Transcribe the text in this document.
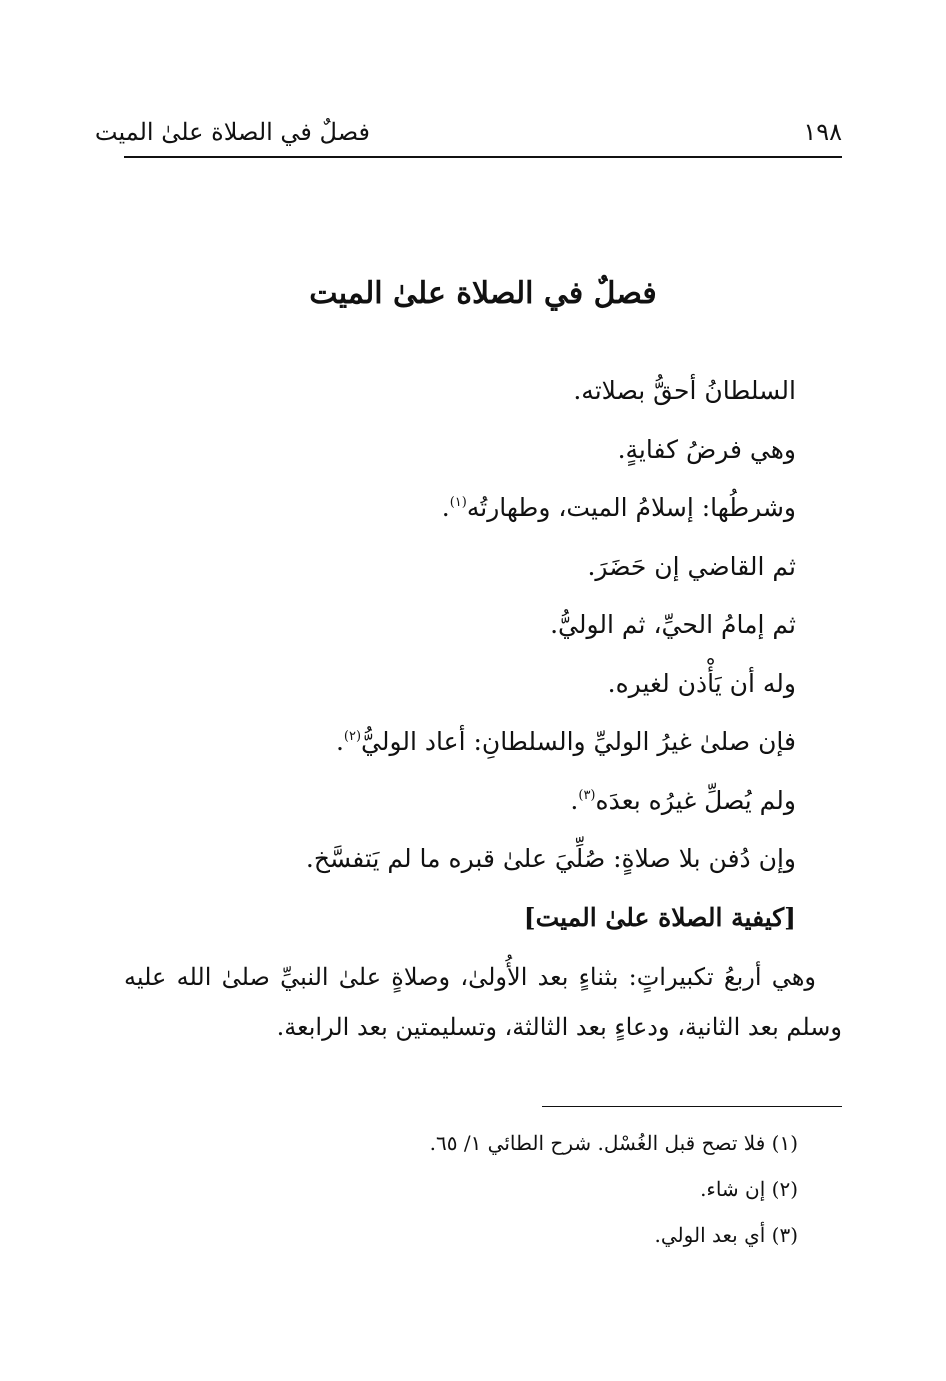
فصلٌ في الصلاة علىٰ الميت	١٩٨
فصلٌ في الصلاة علىٰ الميت
السلطانُ أحقُّ بصلاته.
وهي فرضُ كفايةٍ.
وشرطُها: إسلامُ الميت، وطهارتُه$^{(١)}$.
ثم القاضي إن حَضَرَ.
ثم إمامُ الحيِّ، ثم الوليُّ.
وله أن يَأْذن لغيره.
فإن صلىٰ غيرُ الوليِّ والسلطانِ: أعاد الوليُّ$^{(٢)}$.
ولم يُصلِّ غيرُه بعدَه$^{(٣)}$.
وإن دُفن بلا صلاةٍ: صُلِّيَ علىٰ قبره ما لم يَتفسَّخ.
[كيفية الصلاة علىٰ الميت]

وهي أربعُ تكبيراتٍ: بثناءٍ بعد الأُولىٰ، وصلاةٍ علىٰ النبيِّ صلىٰ الله عليه وسلم بعد الثانية، ودعاءٍ بعد الثالثة، وتسليمتين بعد الرابعة.

(١) فلا تصح قبل الغُسْل. شرح الطائي ١/ ٦٥.
(٢) إن شاء.
(٣) أي بعد الولي.
